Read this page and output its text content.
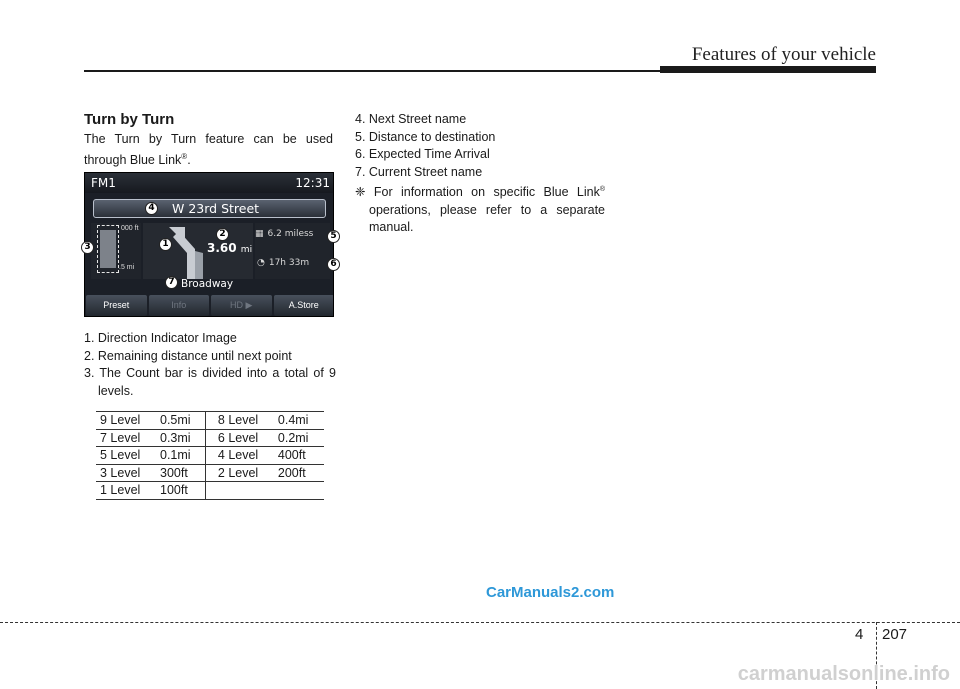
Features of your vehicle
Turn by Turn
The Turn by Turn feature can be used through Blue Link®.
FM1	12:31
W 23rd Street
000 ft
.5 mi
3.60 mi
▦ 6.2 miless
◔ 17h 33m
Broadway
Preset	Info	HD ▶	A.Store
1
2
3
4
5
6
7
1. Direction Indicator Image
2. Remaining distance until next point
3. The Count bar is divided into a total of 9 levels.
9 Level 0.5mi	8 Level 0.4mi
7 Level 0.3mi	6 Level 0.2mi
5 Level 0.1mi	4 Level 400ft
3 Level 300ft	2 Level 200ft
1 Level 100ft	
4. Next Street name
5. Distance to destination
6. Expected Time Arrival
7. Current Street name
❈ For information on specific Blue Link® operations, please refer to a separate manual.
CarManuals2.com
4 207
carmanualsonline.info
